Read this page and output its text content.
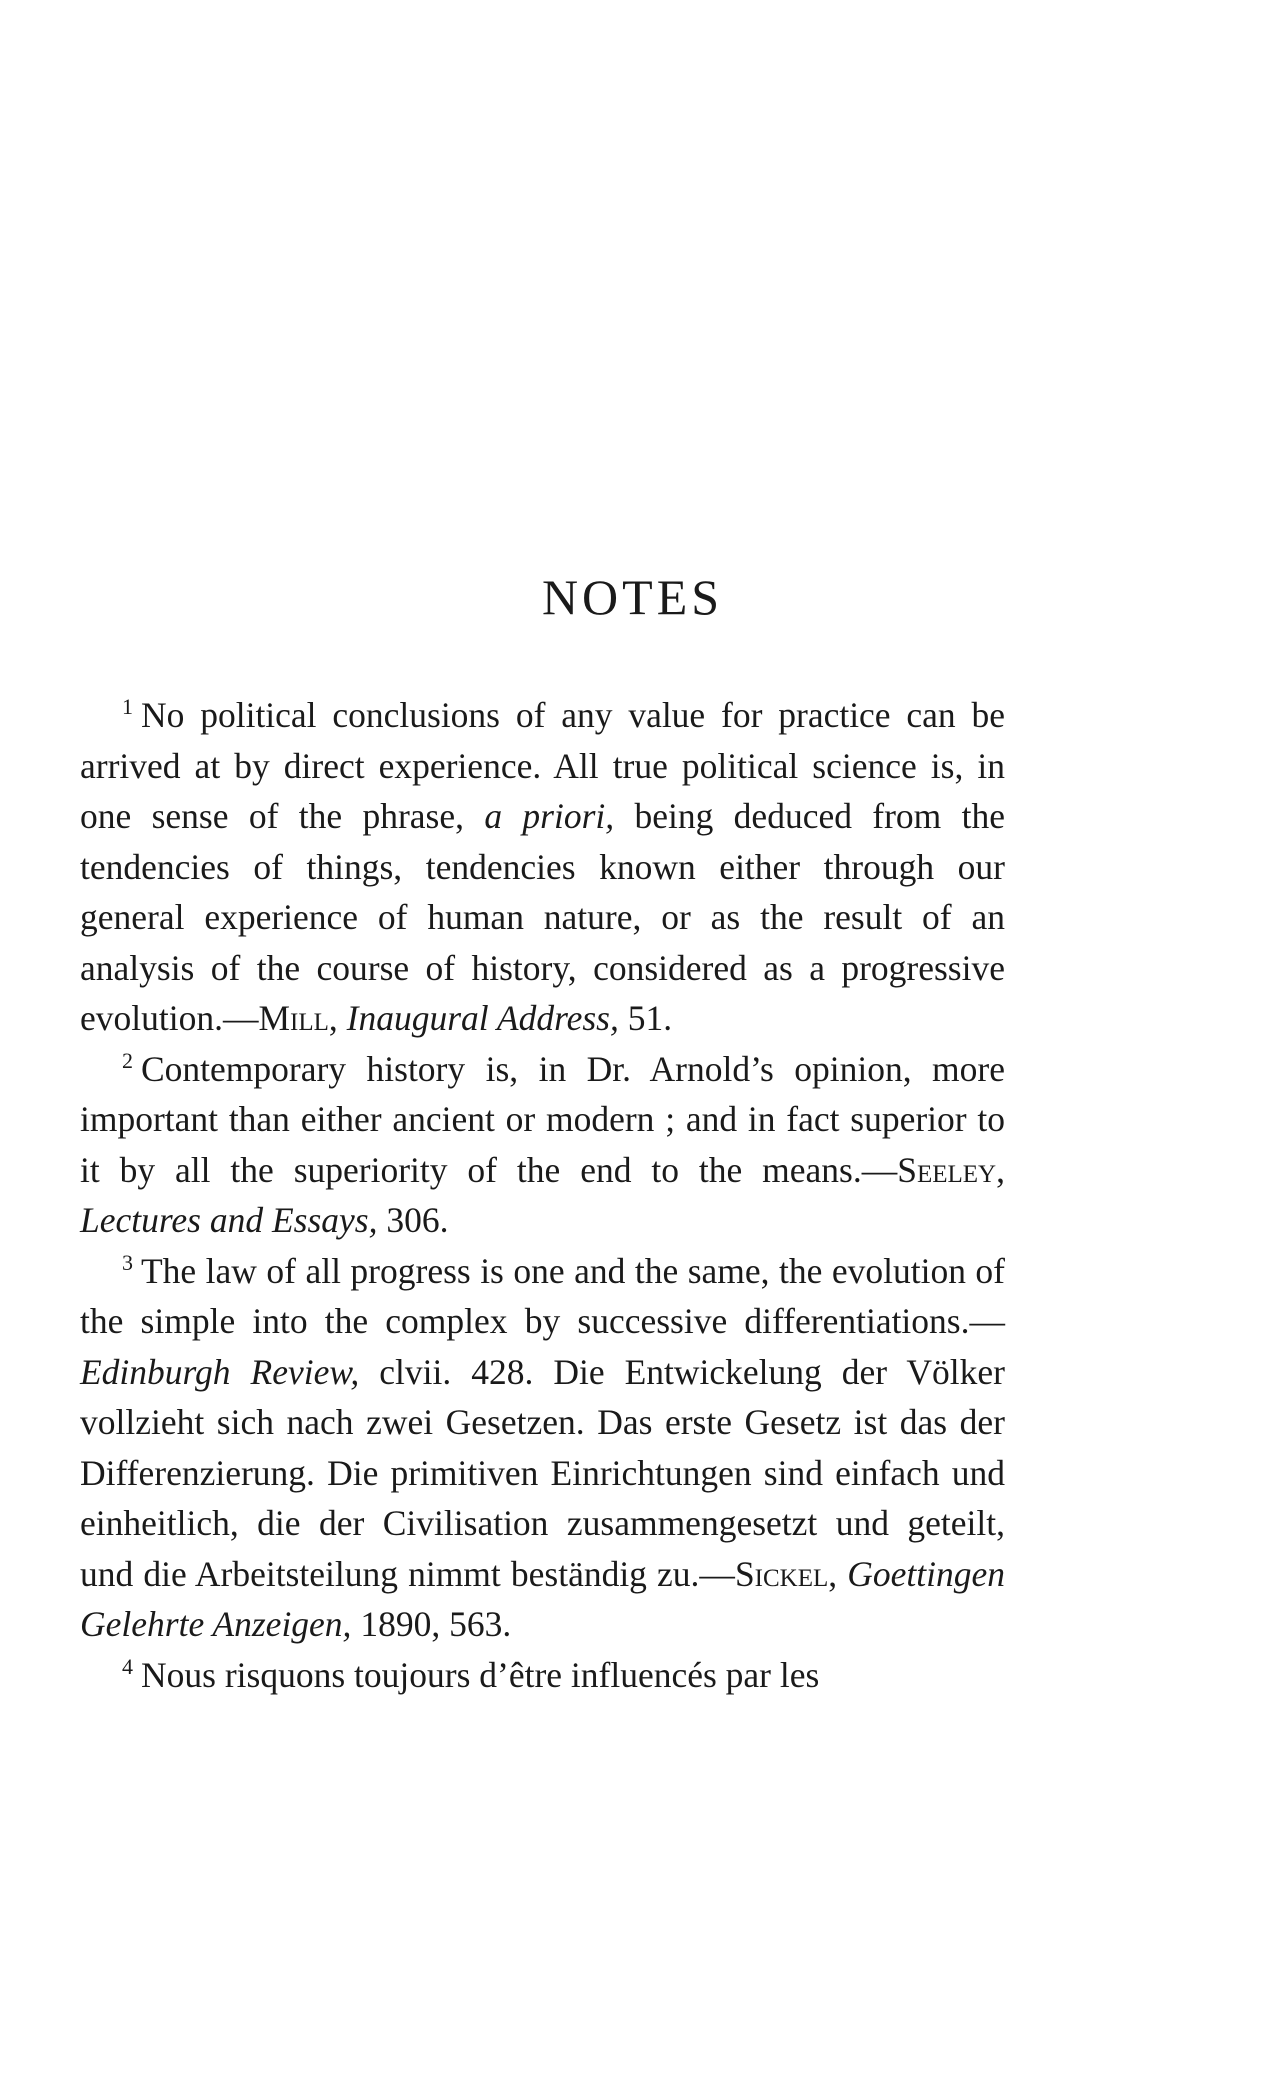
NOTES

$^1$ No political conclusions of any value for practice can be arrived at by direct experience. All true political science is, in one sense of the phrase, a priori, being deduced from the tendencies of things, tendencies known either through our general experience of human nature, or as the result of an analysis of the course of history, considered as a progressive evolution.—Mill, Inaugural Address, 51.

$^2$ Contemporary history is, in Dr. Arnold’s opinion, more important than either ancient or modern ; and in fact superior to it by all the superiority of the end to the means.—Seeley, Lectures and Essays, 306.

$^3$ The law of all progress is one and the same, the evolution of the simple into the complex by successive differentiations.—Edinburgh Review, clvii. 428. Die Entwickelung der Völker vollzieht sich nach zwei Gesetzen. Das erste Gesetz ist das der Differenzierung. Die primitiven Einrichtungen sind einfach und einheitlich, die der Civilisation zusammengesetzt und geteilt, und die Arbeitsteilung nimmt beständig zu.—Sickel, Goettingen Gelehrte Anzeigen, 1890, 563.

$^4$ Nous risquons toujours d’être influencés par les
